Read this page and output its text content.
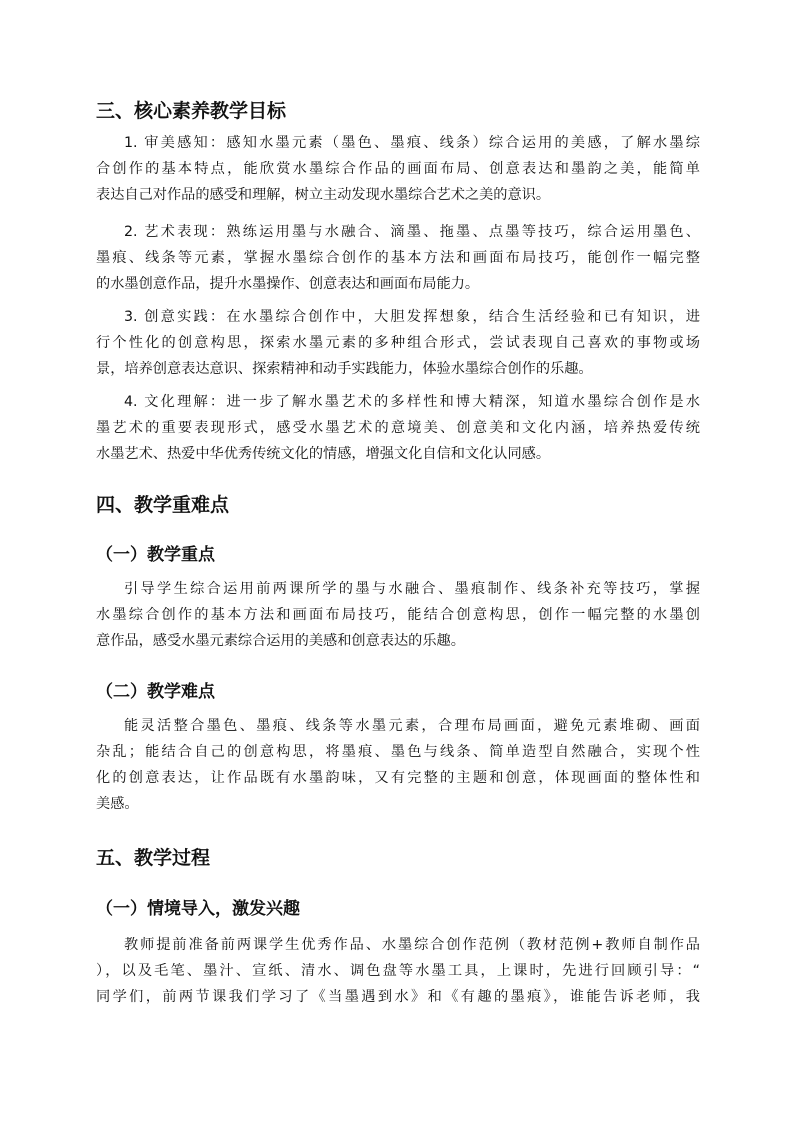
三、核心素养教学目标
1. 审美感知：感知水墨元素（墨色、墨痕、线条）综合运用的美感，了解水墨综
合创作的基本特点，能欣赏水墨综合作品的画面布局、创意表达和墨韵之美，能简单
表达自己对作品的感受和理解，树立主动发现水墨综合艺术之美的意识。
2. 艺术表现：熟练运用墨与水融合、滴墨、拖墨、点墨等技巧，综合运用墨色、
墨痕、线条等元素，掌握水墨综合创作的基本方法和画面布局技巧，能创作一幅完整
的水墨创意作品，提升水墨操作、创意表达和画面布局能力。
3. 创意实践：在水墨综合创作中，大胆发挥想象，结合生活经验和已有知识，进
行个性化的创意构思，探索水墨元素的多种组合形式，尝试表现自己喜欢的事物或场
景，培养创意表达意识、探索精神和动手实践能力，体验水墨综合创作的乐趣。
4. 文化理解：进一步了解水墨艺术的多样性和博大精深，知道水墨综合创作是水
墨艺术的重要表现形式，感受水墨艺术的意境美、创意美和文化内涵，培养热爱传统
水墨艺术、热爱中华优秀传统文化的情感，增强文化自信和文化认同感。
四、教学重难点
（一）教学重点
引导学生综合运用前两课所学的墨与水融合、墨痕制作、线条补充等技巧，掌握
水墨综合创作的基本方法和画面布局技巧，能结合创意构思，创作一幅完整的水墨创
意作品，感受水墨元素综合运用的美感和创意表达的乐趣。
（二）教学难点
能灵活整合墨色、墨痕、线条等水墨元素，合理布局画面，避免元素堆砌、画面
杂乱；能结合自己的创意构思，将墨痕、墨色与线条、简单造型自然融合，实现个性
化的创意表达，让作品既有水墨韵味，又有完整的主题和创意，体现画面的整体性和
美感。
五、教学过程
（一）情境导入，激发兴趣
教师提前准备前两课学生优秀作品、水墨综合创作范例（教材范例+教师自制作品
），以及毛笔、墨汁、宣纸、清水、调色盘等水墨工具，上课时，先进行回顾引导：“
同学们，前两节课我们学习了《当墨遇到水》和《有趣的墨痕》，谁能告诉老师，我
